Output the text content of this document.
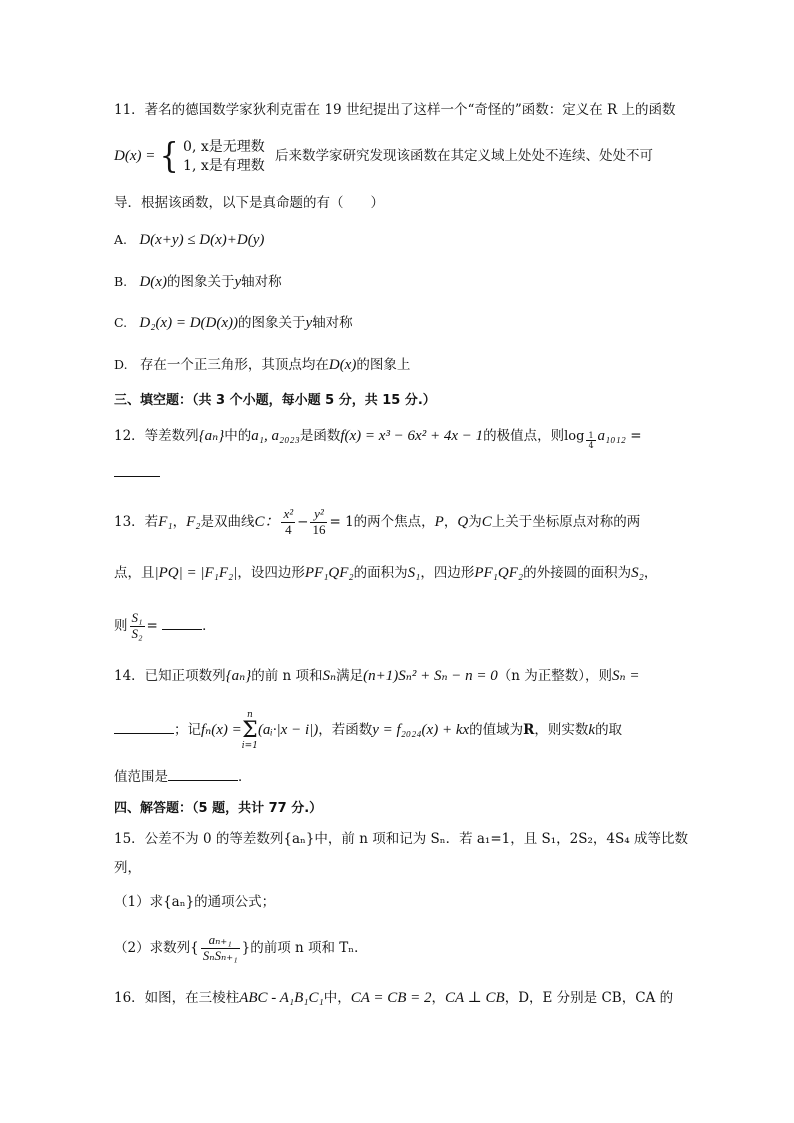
11．著名的德国数学家狄利克雷在 19 世纪提出了这样一个“奇怪的”函数：定义在 R 上的函数
D(x) = { 0, x是无理数
1, x是有理数
后来数学家研究发现该函数在其定义域上处处不连续、处处不可
导．根据该函数，以下是真命题的有（　　）
A. D(x+y) ≤ D(x)+D(y)
B. D(x)的图象关于y轴对称
C. D₂(x) = D(D(x))的图象关于y轴对称
D. 存在一个正三角形，其顶点均在D(x)的图象上
三、填空题：（共 3 个小题，每小题 5 分，共 15 分.）
12．等差数列{aₙ}中的a₁, a₂₀₂₃是函数f(x) = x³ − 6x² + 4x − 1的极值点，则$\log \frac{1}{4} a_{1012}$ =
13．若F₁，F₂是双曲线C： $\frac{\text{x²}}{4} - \frac{\text{y²}}{16} = 1$的两个焦点，P，Q为C上关于坐标原点对称的两
点，且|PQ| = |F₁F₂|，设四边形PF₁QF₂的面积为S₁，四边形PF₁QF₂的外接圆的面积为S₂，
则 $\frac{\text{S₁}}{\text{S₂}}$ =	．
14．已知正项数列{aₙ}的前 n 项和Sₙ满足(n+1)Sₙ² + Sₙ − n = 0（n 为正整数），则Sₙ =
；记fₙ(x) =
n
Σ
i=1
(aᵢ·|x − i|)，若函数y = f₂₀₂₄(x) + kx的值域为R，则实数k的取
值范围是	．
四、解答题：（5 题，共计 77 分.）
15．公差不为 0 的等差数列{aₙ}中，前 n 项和记为 Sₙ．若 a₁=1，且 S₁，2S₂，4S₄ 成等比数
列，
（1）求{aₙ}的通项公式；
（2）求数列{ $\frac{\text{aₙ₊₁}}{\text{SₙSₙ₊₁}}$ }的前项 n 项和 Tₙ．
16．如图，在三棱柱ABC - A₁B₁C₁中，CA = CB = 2，CA ⊥ CB，D，E 分别是 CB，CA 的
